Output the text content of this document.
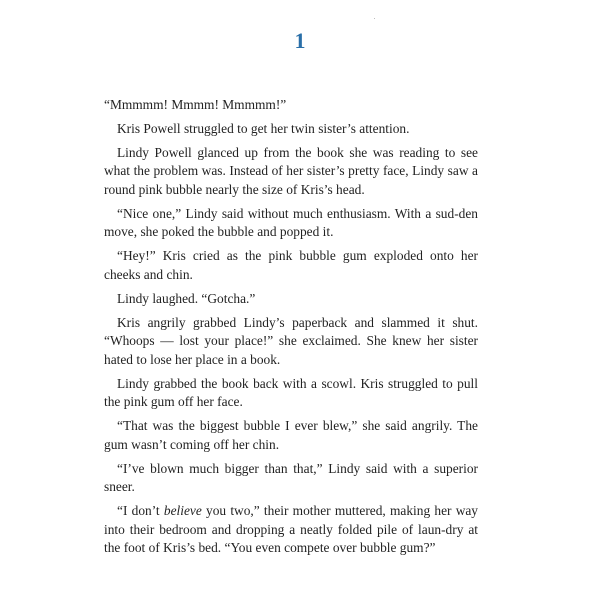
1

“Mmmmm! Mmmm! Mmmmm!”

Kris Powell struggled to get her twin sister’s attention.

Lindy Powell glanced up from the book she was reading to see what the problem was. Instead of her sister’s pretty face, Lindy saw a round pink bubble nearly the size of Kris’s head.

“Nice one,” Lindy said without much enthusiasm. With a sud-den move, she poked the bubble and popped it.

“Hey!” Kris cried as the pink bubble gum exploded onto her cheeks and chin.

Lindy laughed. “Gotcha.”

Kris angrily grabbed Lindy’s paperback and slammed it shut. “Whoops — lost your place!” she exclaimed. She knew her sister hated to lose her place in a book.

Lindy grabbed the book back with a scowl. Kris struggled to pull the pink gum off her face.

“That was the biggest bubble I ever blew,” she said angrily. The gum wasn’t coming off her chin.

“I’ve blown much bigger than that,” Lindy said with a superior sneer.

“I don’t believe you two,” their mother muttered, making her way into their bedroom and dropping a neatly folded pile of laun-dry at the foot of Kris’s bed. “You even compete over bubble gum?”
